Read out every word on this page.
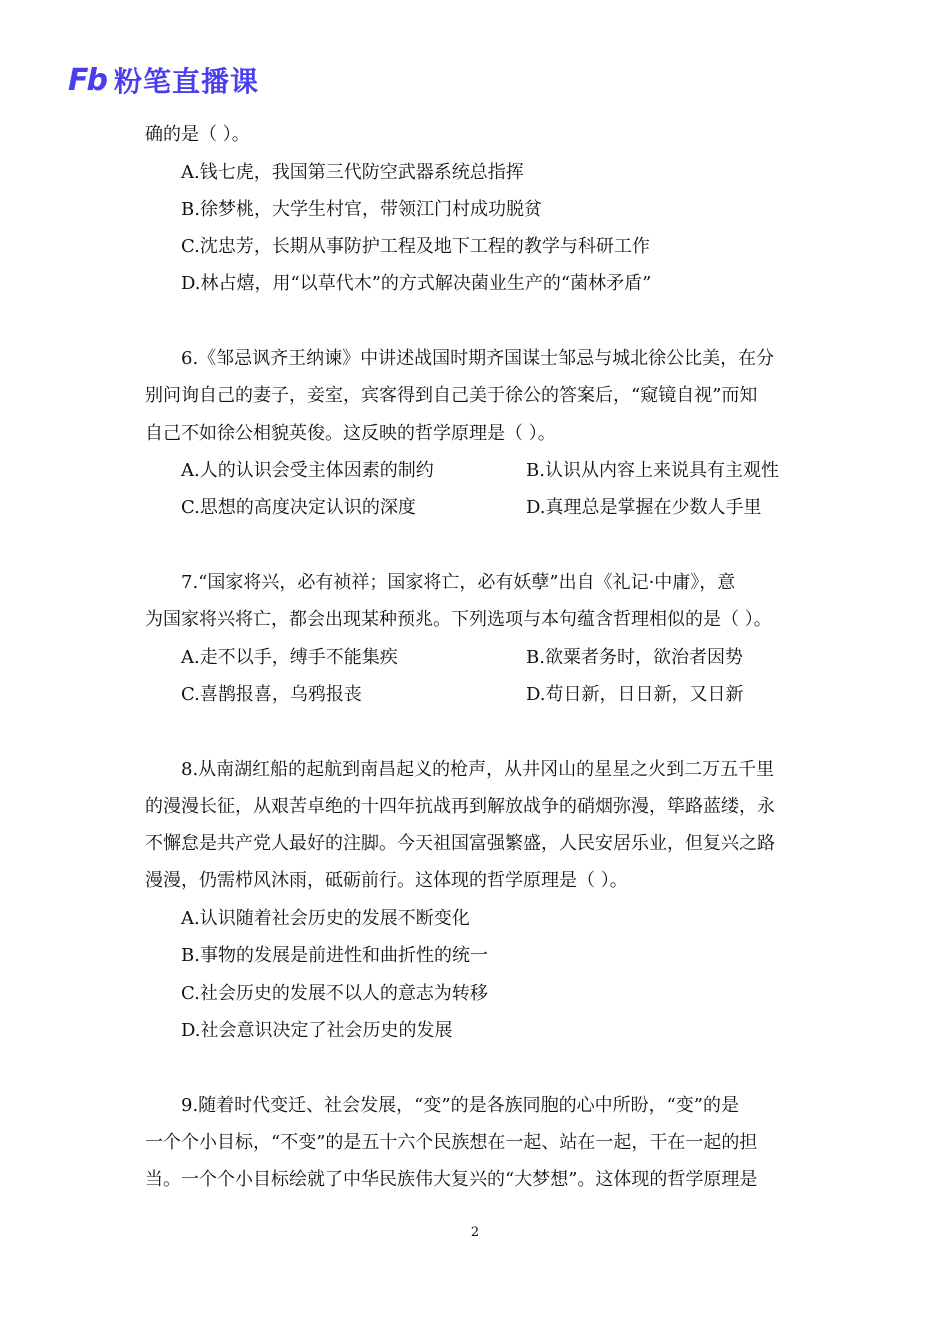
Fb 粉笔直播课
确的是（ ）。
A.钱七虎，我国第三代防空武器系统总指挥
B.徐梦桃，大学生村官，带领江门村成功脱贫
C.沈忠芳，长期从事防护工程及地下工程的教学与科研工作
D.林占熺，用“以草代木”的方式解决菌业生产的“菌林矛盾”
6.《邹忌讽齐王纳谏》中讲述战国时期齐国谋士邹忌与城北徐公比美，在分
别问询自己的妻子，妾室，宾客得到自己美于徐公的答案后，“窥镜自视”而知
自己不如徐公相貌英俊。这反映的哲学原理是（ ）。
A.人的认识会受主体因素的制约	B.认识从内容上来说具有主观性
C.思想的高度决定认识的深度	D.真理总是掌握在少数人手里
7.“国家将兴，必有祯祥；国家将亡，必有妖孽”出自《礼记·中庸》，意
为国家将兴将亡，都会出现某种预兆。下列选项与本句蕴含哲理相似的是（ ）。
A.走不以手，缚手不能集疾	B.欲粟者务时，欲治者因势
C.喜鹊报喜，乌鸦报丧	D.苟日新，日日新，又日新
8.从南湖红船的起航到南昌起义的枪声，从井冈山的星星之火到二万五千里
的漫漫长征，从艰苦卓绝的十四年抗战再到解放战争的硝烟弥漫，筚路蓝缕，永
不懈怠是共产党人最好的注脚。今天祖国富强繁盛，人民安居乐业，但复兴之路
漫漫，仍需栉风沐雨，砥砺前行。这体现的哲学原理是（ ）。
A.认识随着社会历史的发展不断变化
B.事物的发展是前进性和曲折性的统一
C.社会历史的发展不以人的意志为转移
D.社会意识决定了社会历史的发展
9.随着时代变迁、社会发展，“变”的是各族同胞的心中所盼，“变”的是
一个个小目标，“不变”的是五十六个民族想在一起、站在一起，干在一起的担
当。一个个小目标绘就了中华民族伟大复兴的“大梦想”。这体现的哲学原理是
2
